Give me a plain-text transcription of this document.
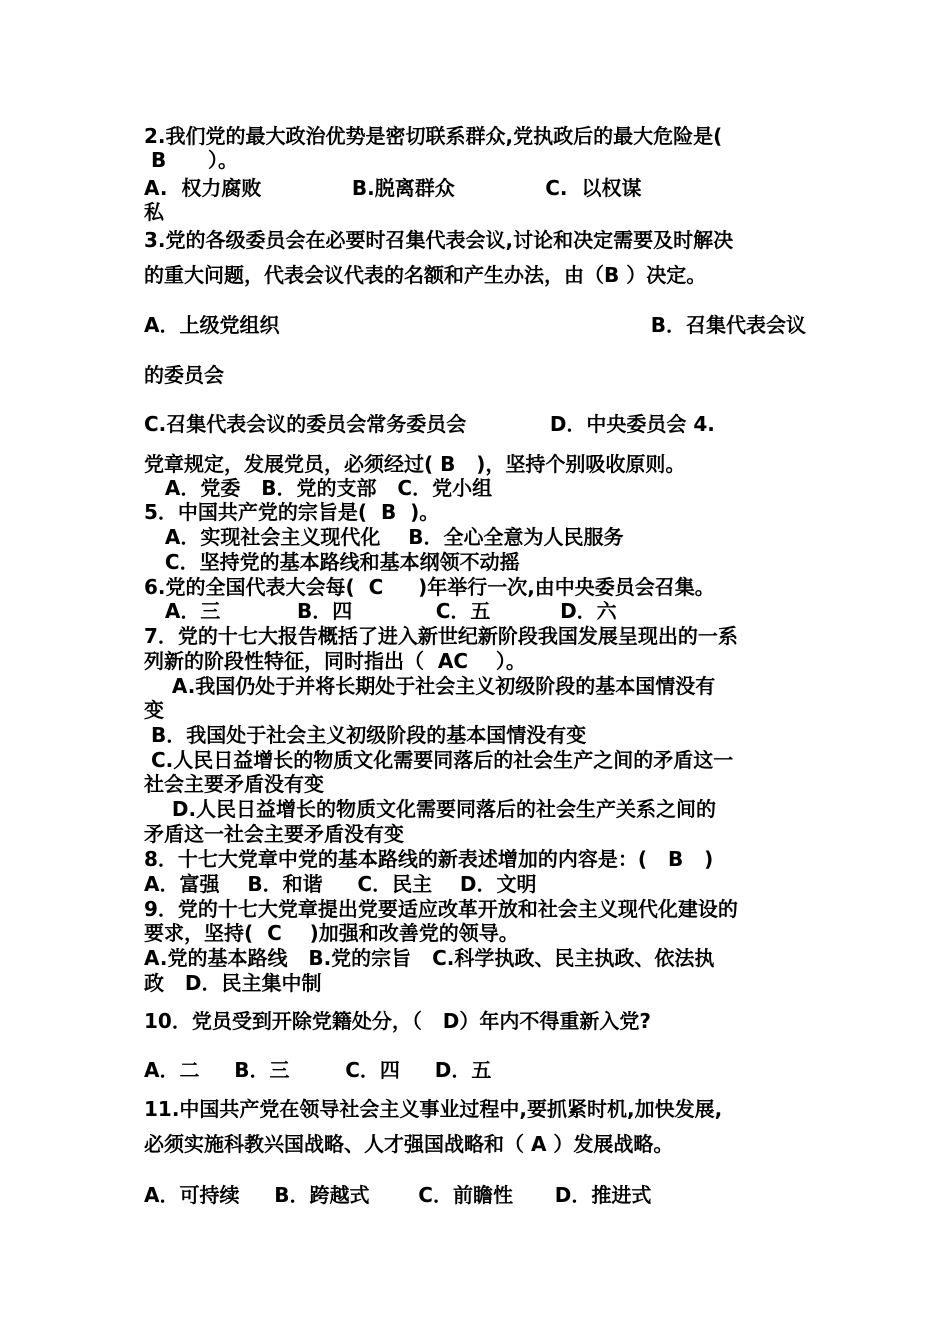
2.我们党的最大政治优势是密切联系群众,党执政后的最大危险是(

B      ）。

A.  权力腐败             B.脱离群众             C.  以权谋

私

3.党的各级委员会在必要时召集代表会议,讨论和决定需要及时解决

的重大问题，代表会议代表的名额和产生办法，由（B ）决定。

A．上级党组织	B．召集代表会议

的委员会

C.召集代表会议的委员会常务委员会            D．中央委员会 4.

党章规定，发展党员，必须经过( B   )，坚持个别吸收原则。

A．党委   B．党的支部   C．党小组

5．中国共产党的宗旨是(  B  )。

A．实现社会主义现代化    B．全心全意为人民服务

C．坚持党的基本路线和基本纲领不动摇

6.党的全国代表大会每(  C     )年举行一次,由中央委员会召集。

A．三           B．四            C．五          D．六

7．党的十七大报告概括了进入新世纪新阶段我国发展呈现出的一系

列新的阶段性特征，同时指出（  AC    ）。

A.我国仍处于并将长期处于社会主义初级阶段的基本国情没有

变

B．我国处于社会主义初级阶段的基本国情没有变

C.人民日益增长的物质文化需要同落后的社会生产之间的矛盾这一

社会主要矛盾没有变

D.人民日益增长的物质文化需要同落后的社会生产关系之间的

矛盾这一社会主要矛盾没有变

8．十七大党章中党的基本路线的新表述增加的内容是：(   B   )

A．富强    B．和谐     C．民主    D．文明

9．党的十七大党章提出党要适应改革开放和社会主义现代化建设的

要求，坚持(  C    )加强和改善党的领导。

A.党的基本路线   B.党的宗旨   C.科学执政、民主执政、依法执

政   D．民主集中制

10．党员受到开除党籍处分，（   D）年内不得重新入党?

A．二     B．三        C．四     D．五

11.中国共产党在领导社会主义事业过程中,要抓紧时机,加快发展,

必须实施科教兴国战略、人才强国战略和（ A ）发展战略。

A．可持续     B．跨越式       C．前瞻性      D．推进式
